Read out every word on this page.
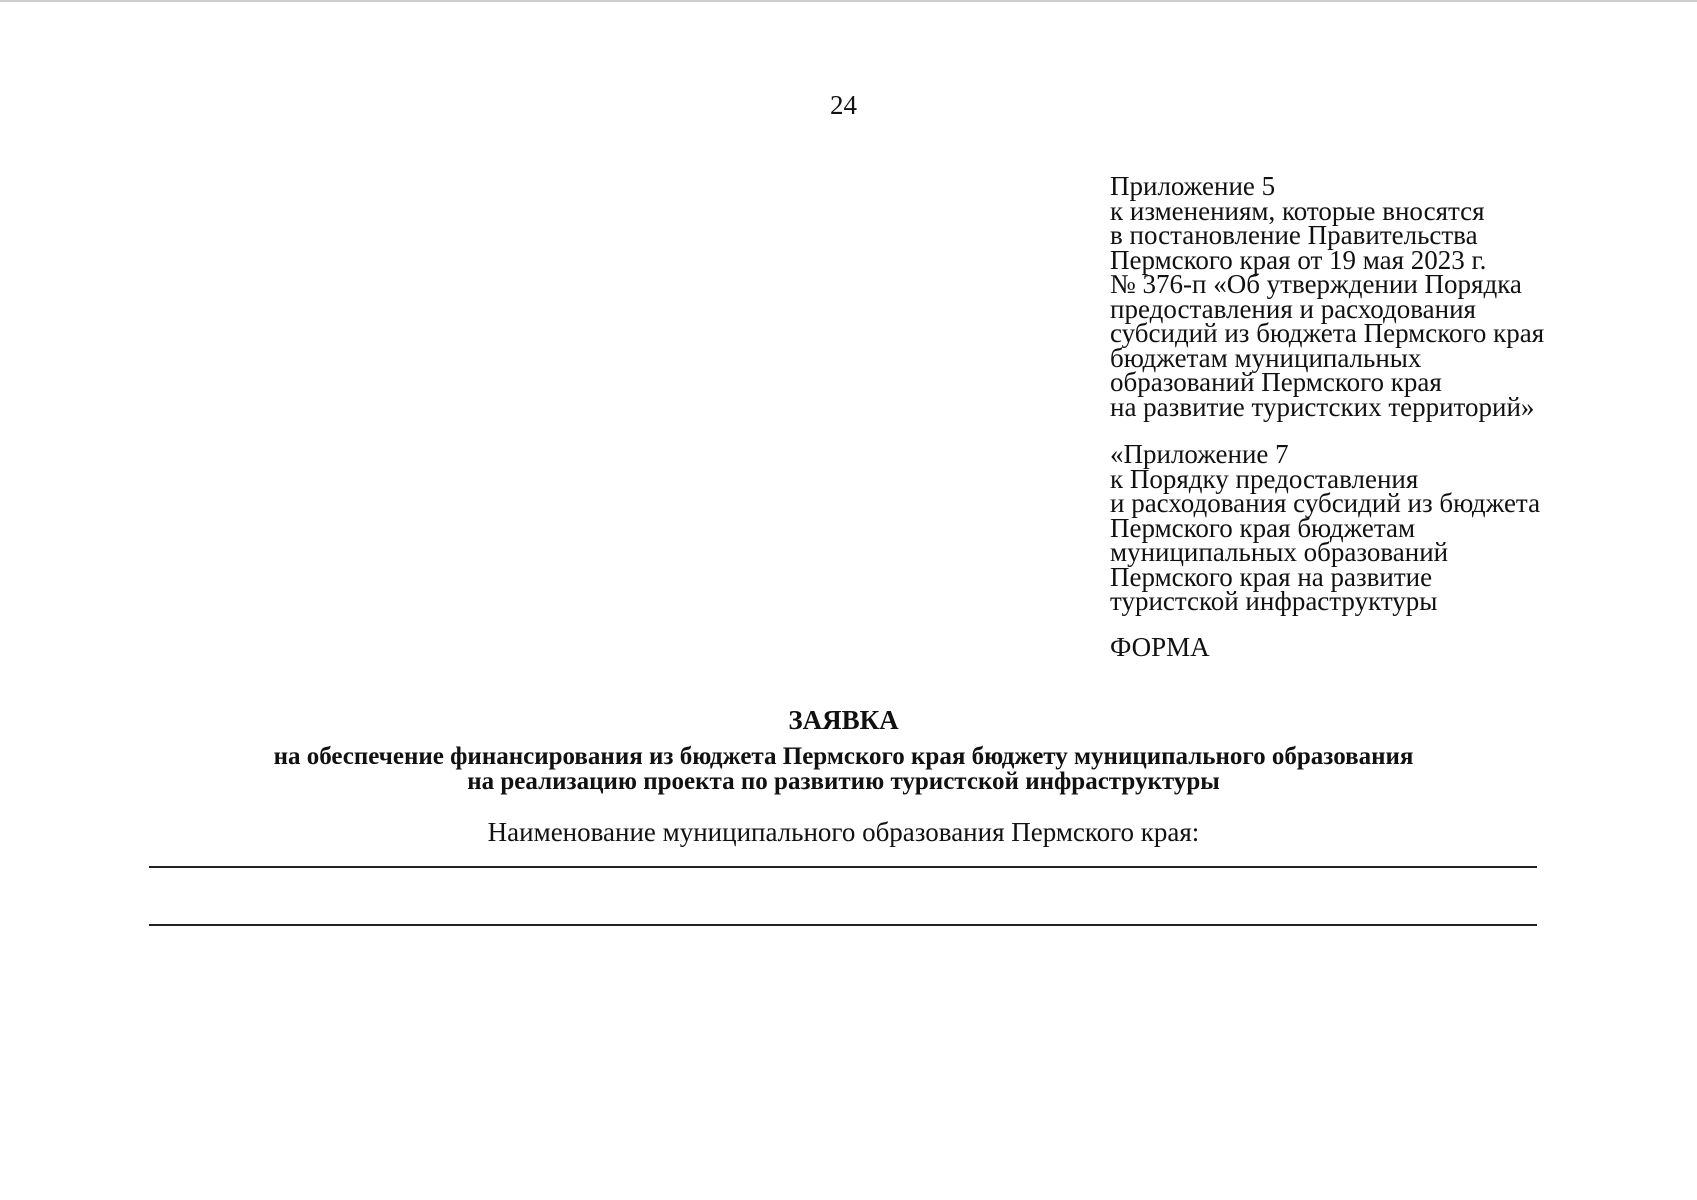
24
Приложение 5
к изменениям, которые вносятся
в постановление Правительства
Пермского края от 19 мая 2023 г.
№ 376-п «Об утверждении Порядка
предоставления и расходования
субсидий из бюджета Пермского края
бюджетам муниципальных
образований Пермского края
на развитие туристских территорий»
«Приложение 7
к Порядку предоставления
и расходования субсидий из бюджета
Пермского края бюджетам
муниципальных образований
Пермского края на развитие
туристской инфраструктуры
ФОРМА
ЗАЯВКА
на обеспечение финансирования из бюджета Пермского края бюджету муниципального образования
на реализацию проекта по развитию туристской инфраструктуры
Наименование муниципального образования Пермского края:
